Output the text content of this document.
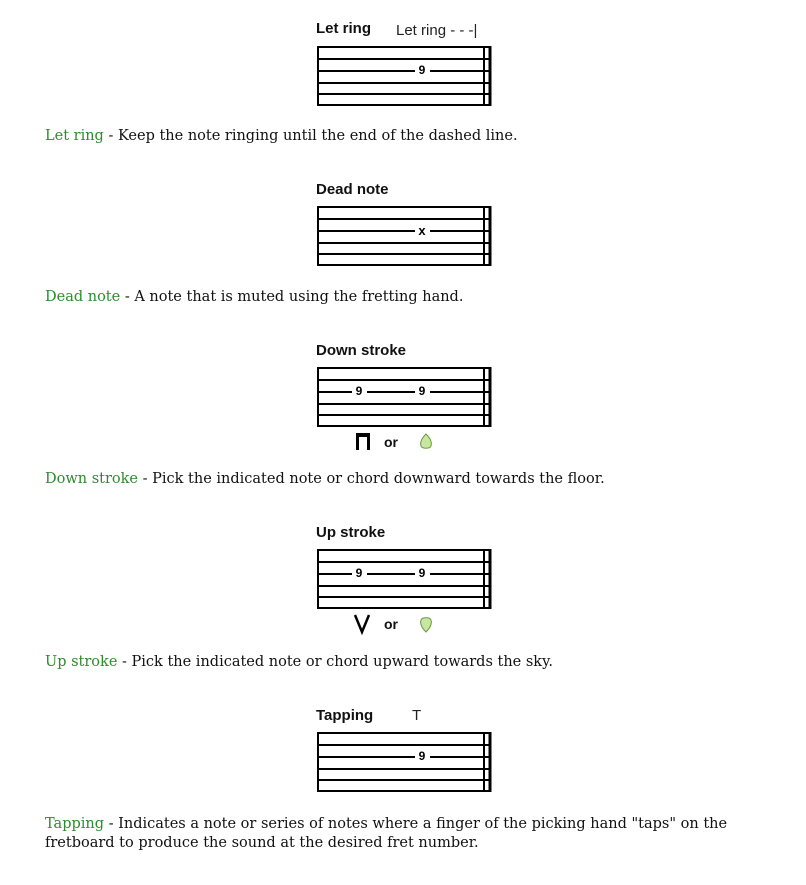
Let ring Let ring - - -|
9
Let ring - Keep the note ringing until the end of the dashed line.
Dead note
x
Dead note - A note that is muted using the fretting hand.
Down stroke
9	9
or
Down stroke - Pick the indicated note or chord downward towards the floor.
Up stroke
9	9
or
Up stroke - Pick the indicated note or chord upward towards the sky.
Tapping	T
9
Tapping - Indicates a note or series of notes where a finger of the picking hand "taps" on the fretboard to produce the sound at the desired fret number.
